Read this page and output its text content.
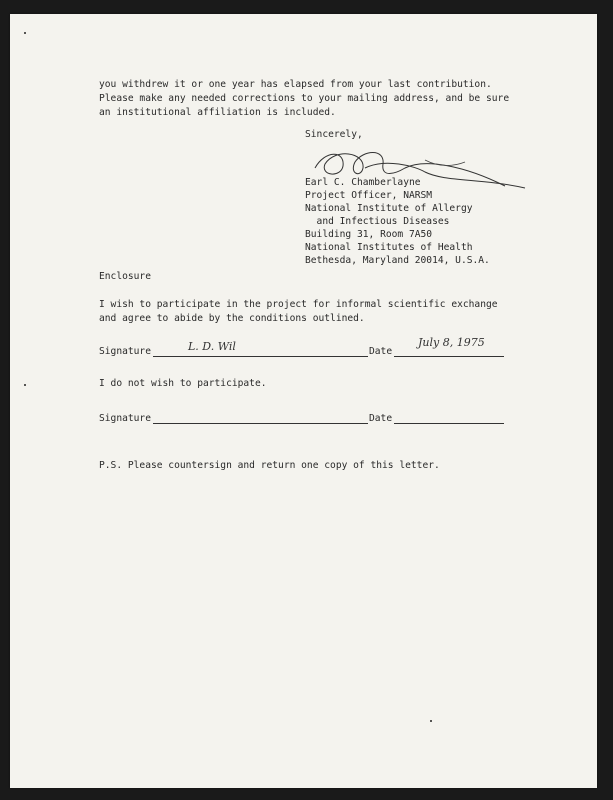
you withdrew it or one year has elapsed from your last contribution.
Please make any needed corrections to your mailing address, and be sure
an institutional affiliation is included.
Sincerely,
Earl C. Chamberlayne
Project Officer, NARSM
National Institute of Allergy
and Infectious Diseases
Building 31, Room 7A50
National Institutes of Health
Bethesda, Maryland 20014, U.S.A.
Enclosure
I wish to participate in the project for informal scientific exchange
and agree to abide by the conditions outlined.
Signature	L. D. Wil	Date
July 8, 1975
I do not wish to participate.
Signature	Date
P.S. Please countersign and return one copy of this letter.
